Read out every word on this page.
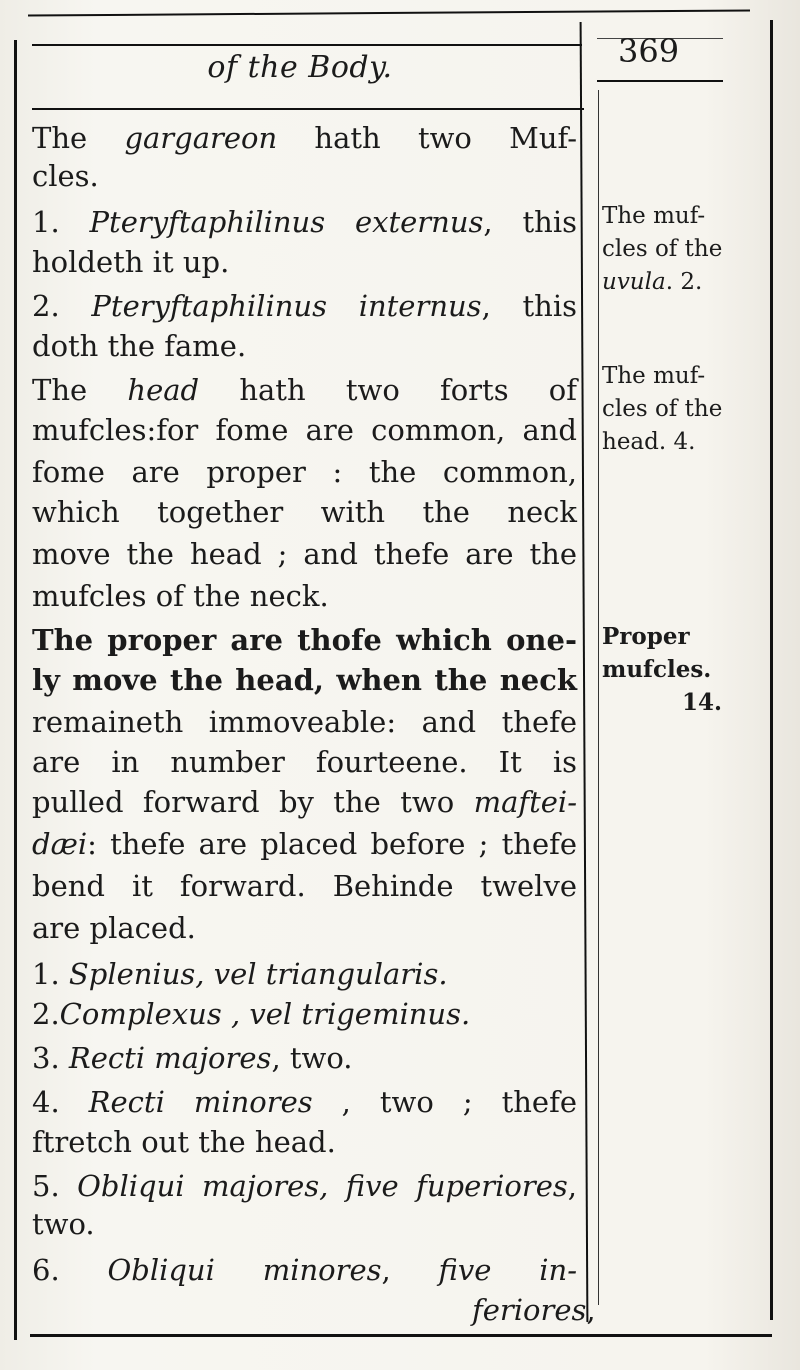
of the Body.	369
The gargareon hath two Muf-
cles.
1. Pteryftaphilinus externus, this
holdeth it up.
2. Pteryftaphilinus internus, this
doth the fame.
The head hath two forts of
mufcles:for fome are common, and
fome are proper : the common,
which together with the neck
move the head ; and thefe are the
mufcles of the neck.
The proper are thofe which one-
ly move the head, when the neck
remaineth immoveable: and thefe
are in number fourteene. It is
pulled forward by the two maftei-
dæi: thefe are placed before ; thefe
bend it forward. Behinde twelve
are placed.
1. Splenius, vel triangularis.
2.Complexus , vel trigeminus.
3. Recti majores, two.
4. Recti minores , two ; thefe
ftretch out the head.
5. Obliqui majores, five fuperiores,
two.
6. Obliqui minores, five in-
feriores,
The muf-
cles of the
uvula. 2.
The muf-
cles of the
head. 4.
Proper
mufcles.
14.
